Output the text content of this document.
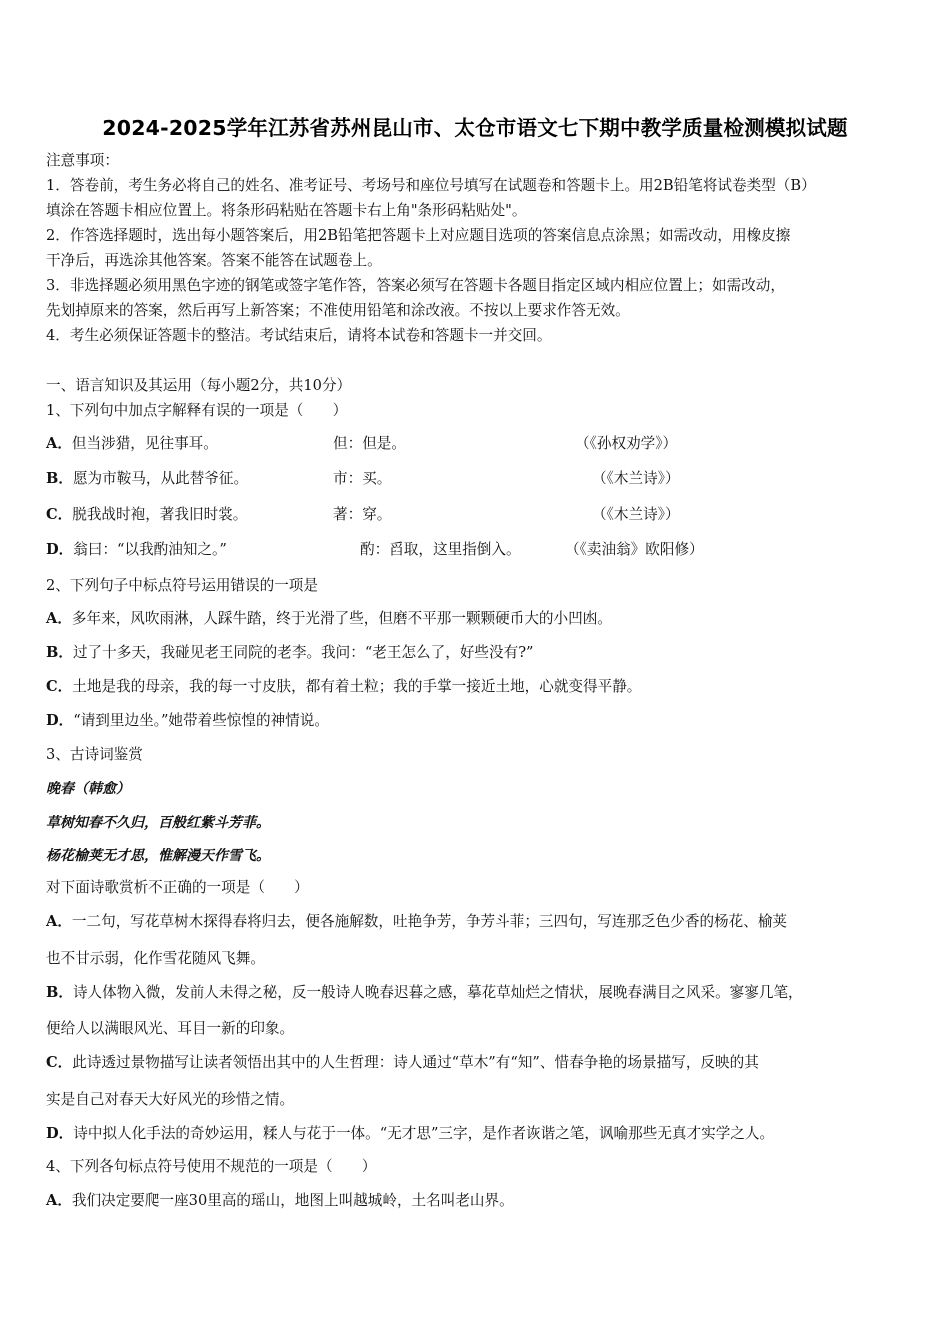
2024-2025学年江苏省苏州昆山市、太仓市语文七下期中教学质量检测模拟试题
注意事项：
1．答卷前，考生务必将自己的姓名、准考证号、考场号和座位号填写在试题卷和答题卡上。用2B铅笔将试卷类型（B）
填涂在答题卡相应位置上。将条形码粘贴在答题卡右上角"条形码粘贴处"。
2．作答选择题时，选出每小题答案后，用2B铅笔把答题卡上对应题目选项的答案信息点涂黑；如需改动，用橡皮擦
干净后，再选涂其他答案。答案不能答在试题卷上。
3．非选择题必须用黑色字迹的钢笔或签字笔作答，答案必须写在答题卡各题目指定区域内相应位置上；如需改动，
先划掉原来的答案，然后再写上新答案；不准使用铅笔和涂改液。不按以上要求作答无效。
4．考生必须保证答题卡的整洁。考试结束后，请将本试卷和答题卡一并交回。
一、语言知识及其运用（每小题2分，共10分）
1、下列句中加点字解释有误的一项是（　　）
A．但当涉猎，见往事耳。	但：但是。	（《孙权劝学》）
B．愿为市鞍马，从此替爷征。	市：买。	（《木兰诗》）
C．脱我战时袍，著我旧时裳。	著：穿。	（《木兰诗》）
D．翁曰：“以我酌油知之。”	酌：舀取，这里指倒入。	（《卖油翁》欧阳修）
2、下列句子中标点符号运用错误的一项是
A．多年来，风吹雨淋，人踩牛踏，终于光滑了些，但磨不平那一颗颗硬币大的小凹凼。
B．过了十多天，我碰见老王同院的老李。我问：“老王怎么了，好些没有?”
C．土地是我的母亲，我的每一寸皮肤，都有着土粒；我的手掌一接近土地，心就变得平静。
D．“请到里边坐。”她带着些惊惶的神情说。
3、古诗词鉴赏
晚春（韩愈）
草树知春不久归，百般红紫斗芳菲。
杨花榆荚无才思，惟解漫天作雪飞。
对下面诗歌赏析不正确的一项是（　　）
A．一二句，写花草树木探得春将归去，便各施解数，吐艳争芳，争芳斗菲；三四句，写连那乏色少香的杨花、榆荚
也不甘示弱，化作雪花随风飞舞。
B．诗人体物入微，发前人未得之秘，反一般诗人晚春迟暮之感，摹花草灿烂之情状，展晚春满目之风采。寥寥几笔，
便给人以满眼风光、耳目一新的印象。
C．此诗透过景物描写让读者领悟出其中的人生哲理：诗人通过“草木”有“知”、惜春争艳的场景描写，反映的其
实是自己对春天大好风光的珍惜之情。
D．诗中拟人化手法的奇妙运用，糅人与花于一体。“无才思”三字，是作者诙谐之笔，讽喻那些无真才实学之人。
4、下列各句标点符号使用不规范的一项是（　　）
A．我们决定要爬一座30里高的瑶山，地图上叫越城岭，土名叫老山界。
